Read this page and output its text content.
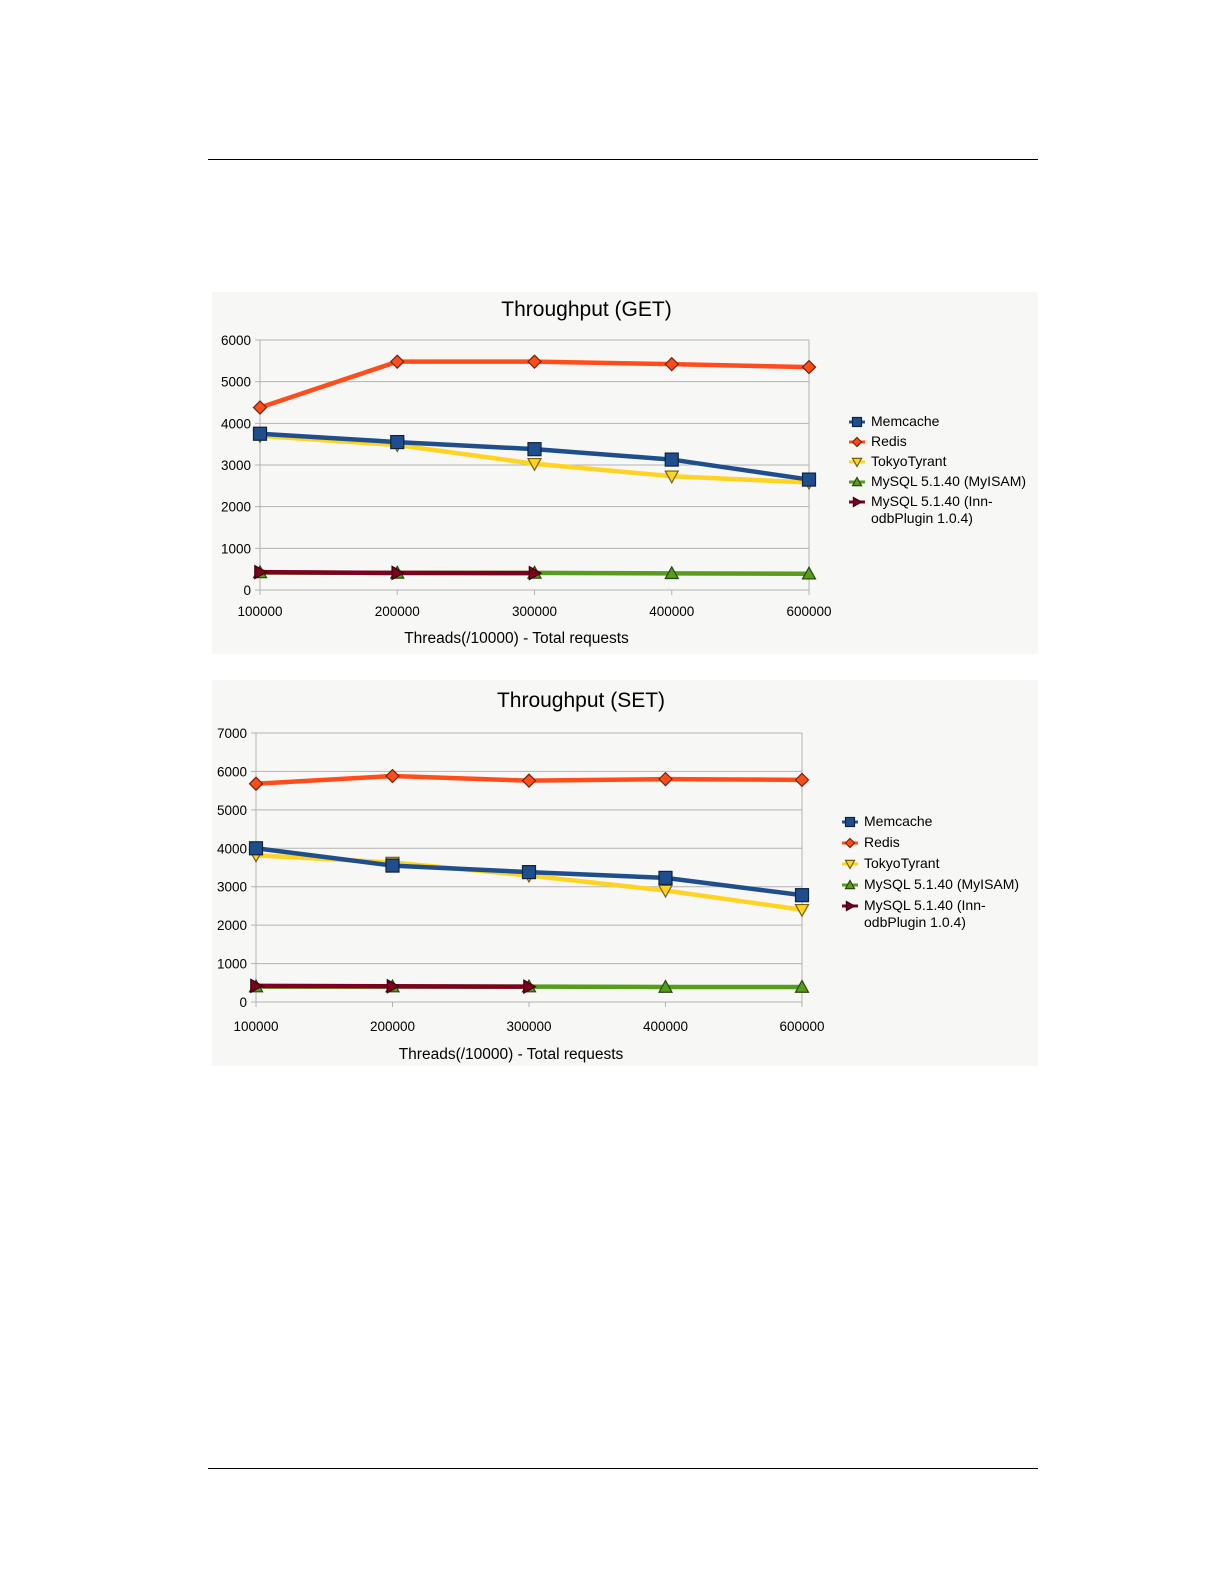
Throughput (GET)
0
1000
2000
3000
4000
5000
6000
100000	200000	300000	400000	600000
Threads(/10000) - Total requests
Memcache
Redis
TokyoTyrant
MySQL 5.1.40 (MyISAM)
MySQL 5.1.40 (Inn-
odbPlugin 1.0.4)
Throughput (SET)
0
1000
2000
3000
4000
5000
6000
7000
100000	200000	300000	400000	600000
Threads(/10000) - Total requests
Memcache
Redis
TokyoTyrant
MySQL 5.1.40 (MyISAM)
MySQL 5.1.40 (Inn-
odbPlugin 1.0.4)
